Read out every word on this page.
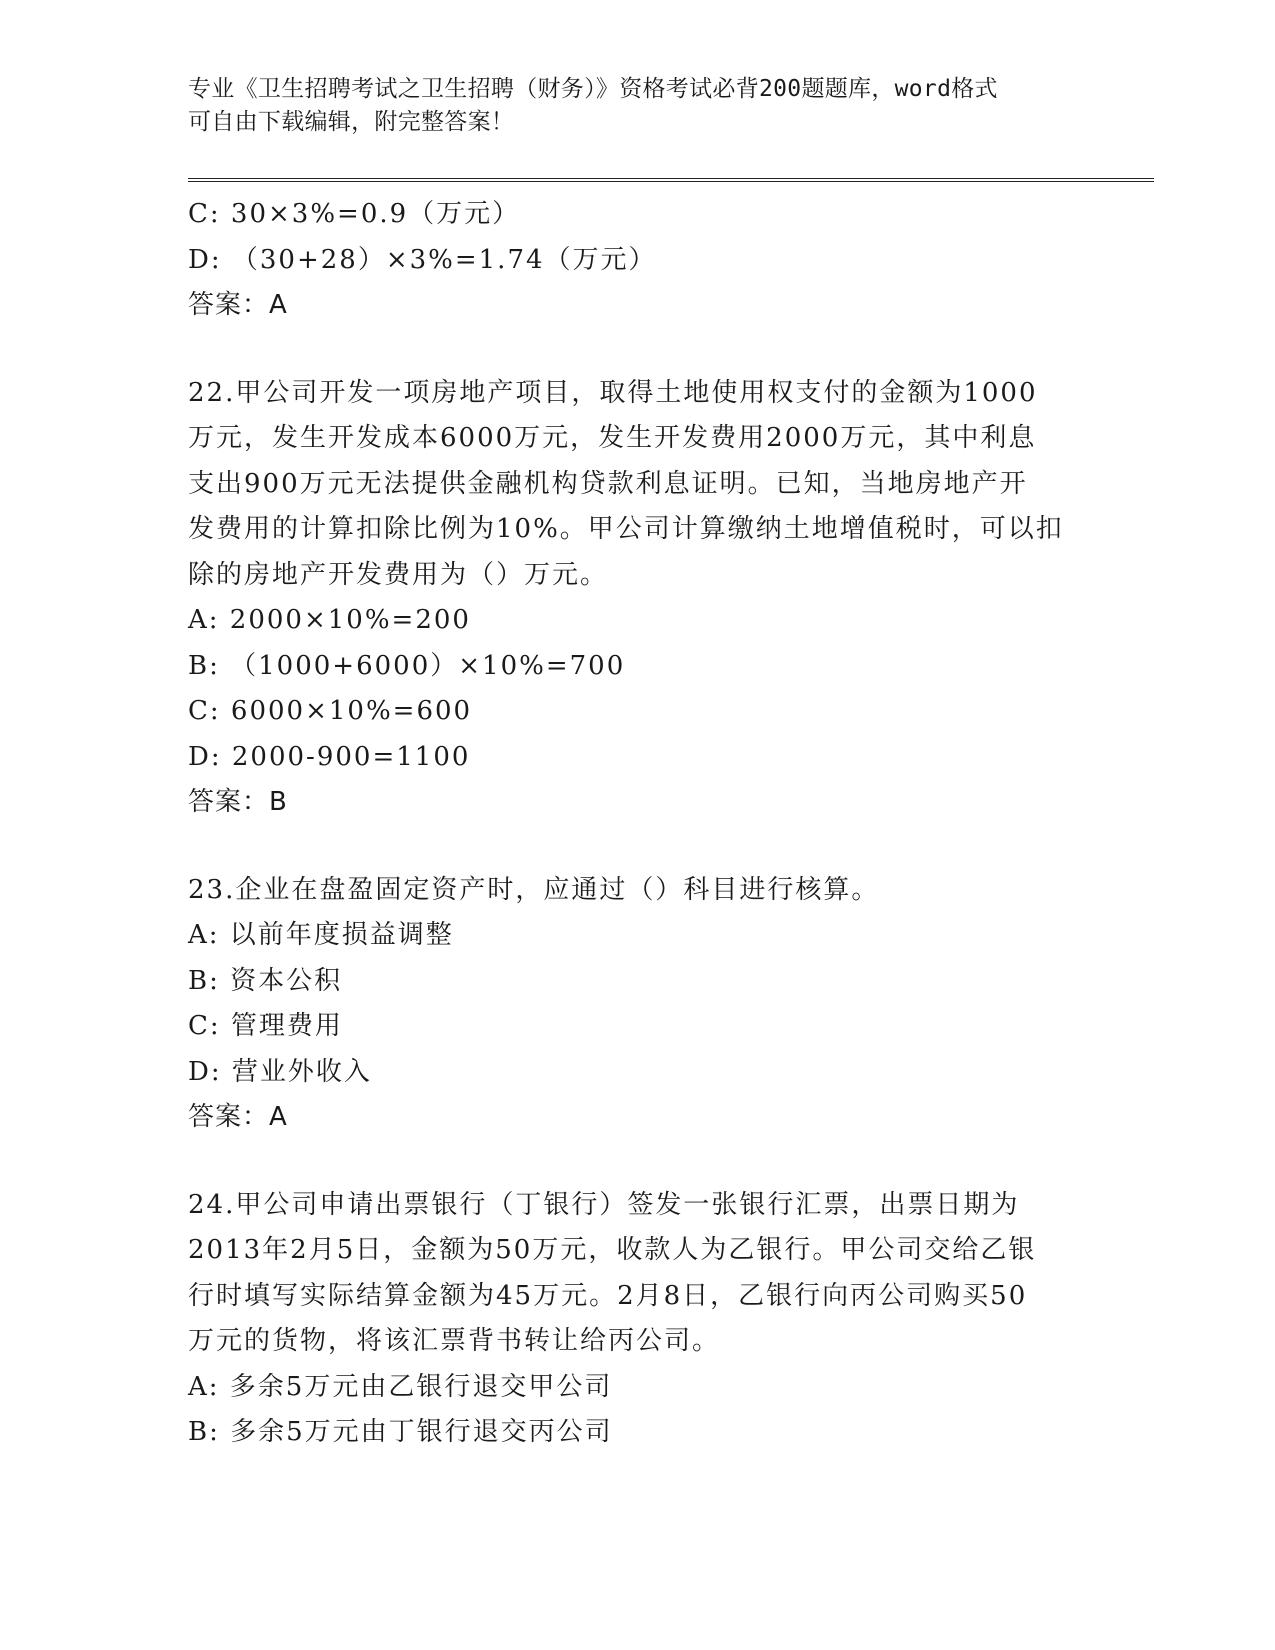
专业《卫生招聘考试之卫生招聘（财务）》资格考试必背200题题库，word格式
可自由下载编辑，附完整答案！
C: 30×3%=0.9（万元）
D: （30+28）×3%=1.74（万元）
答案：A
22.甲公司开发一项房地产项目，取得土地使用权支付的金额为1000
万元，发生开发成本6000万元，发生开发费用2000万元，其中利息
支出900万元无法提供金融机构贷款利息证明。已知，当地房地产开
发费用的计算扣除比例为10%。甲公司计算缴纳土地增值税时，可以扣
除的房地产开发费用为（）万元。
A: 2000×10%=200
B: （1000+6000）×10%=700
C: 6000×10%=600
D: 2000-900=1100
答案：B
23.企业在盘盈固定资产时，应通过（）科目进行核算。
A: 以前年度损益调整
B: 资本公积
C: 管理费用
D: 营业外收入
答案：A
24.甲公司申请出票银行（丁银行）签发一张银行汇票，出票日期为
2013年2月5日，金额为50万元，收款人为乙银行。甲公司交给乙银
行时填写实际结算金额为45万元。2月8日，乙银行向丙公司购买50
万元的货物，将该汇票背书转让给丙公司。
A: 多余5万元由乙银行退交甲公司
B: 多余5万元由丁银行退交丙公司
